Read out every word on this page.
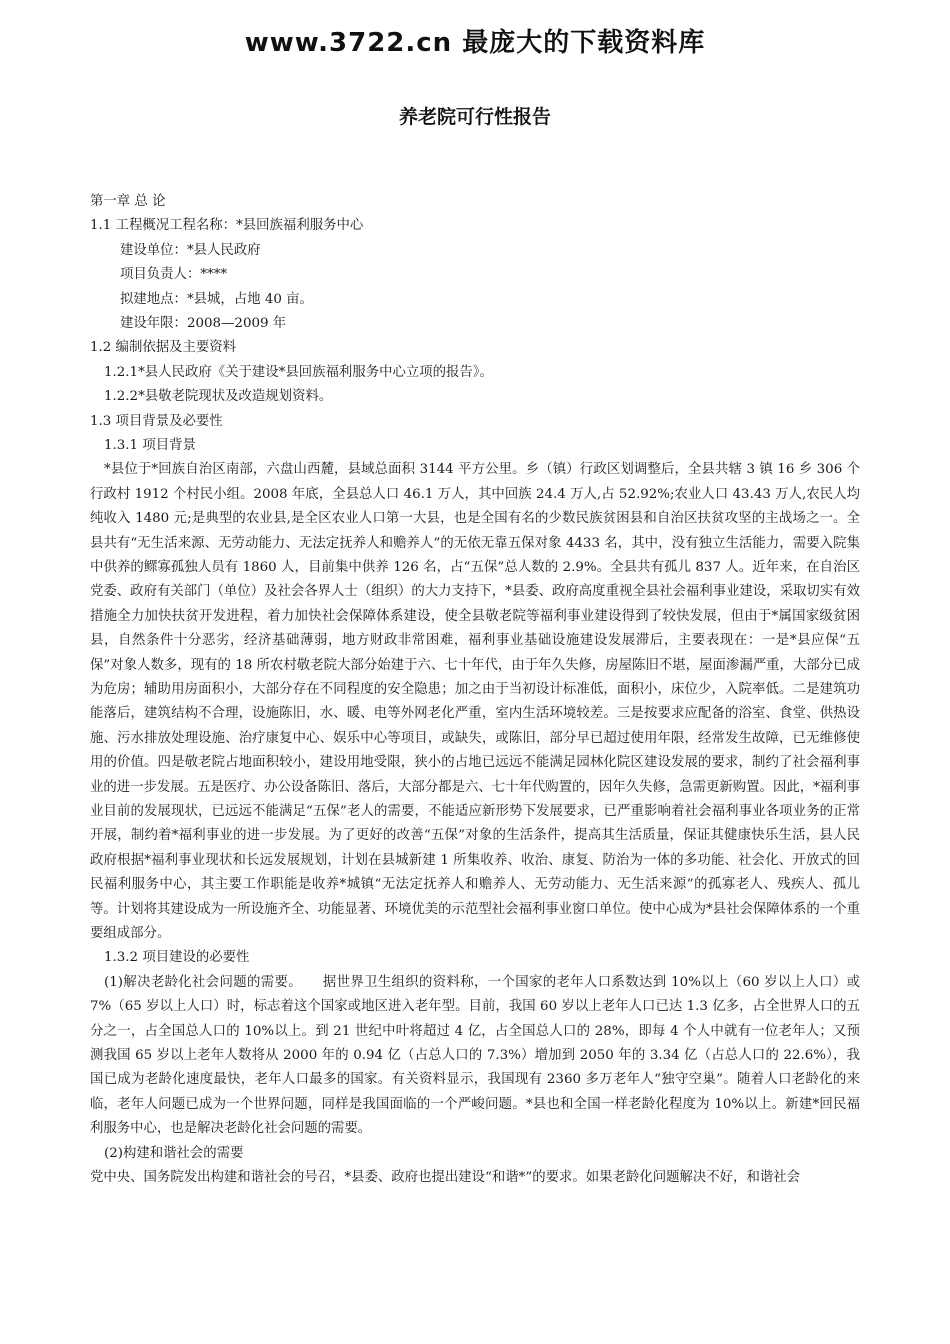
www.3722.cn 最庞大的下载资料库
养老院可行性报告
第一章 总 论
1.1 工程概况工程名称：*县回族福利服务中心
建设单位：*县人民政府
项目负责人：****
拟建地点：*县城，占地 40 亩。
建设年限：2008—2009 年
1.2 编制依据及主要资料
1.2.1*县人民政府《关于建设*县回族福利服务中心立项的报告》。
1.2.2*县敬老院现状及改造规划资料。
1.3 项目背景及必要性
1.3.1 项目背景
*县位于*回族自治区南部，六盘山西麓，县域总面积 3144 平方公里。乡（镇）行政区划调整后，全县共辖 3 镇 16 乡 306 个行政村 1912 个村民小组。2008 年底，全县总人口 46.1 万人，其中回族 24.4 万人,占 52.92%;农业人口 43.43 万人,农民人均纯收入 1480 元;是典型的农业县,是全区农业人口第一大县，也是全国有名的少数民族贫困县和自治区扶贫攻坚的主战场之一。全县共有“无生活来源、无劳动能力、无法定抚养人和赡养人”的无依无靠五保对象 4433 名，其中，没有独立生活能力，需要入院集中供养的鳏寡孤独人员有 1860 人，目前集中供养 126 名，占“五保”总人数的 2.9%。全县共有孤儿 837 人。近年来，在自治区党委、政府有关部门（单位）及社会各界人士（组织）的大力支持下，*县委、政府高度重视全县社会福利事业建设，采取切实有效措施全力加快扶贫开发进程，着力加快社会保障体系建设，使全县敬老院等福利事业建设得到了较快发展，但由于*属国家级贫困县，自然条件十分恶劣，经济基础薄弱，地方财政非常困难，福利事业基础设施建设发展滞后，主要表现在：一是*县应保“五保”对象人数多，现有的 18 所农村敬老院大部分始建于六、七十年代，由于年久失修，房屋陈旧不堪，屋面渗漏严重，大部分已成为危房；辅助用房面积小，大部分存在不同程度的安全隐患；加之由于当初设计标准低，面积小，床位少，入院率低。二是建筑功能落后，建筑结构不合理，设施陈旧，水、暖、电等外网老化严重，室内生活环境较差。三是按要求应配备的浴室、食堂、供热设施、污水排放处理设施、治疗康复中心、娱乐中心等项目，或缺失，或陈旧，部分早已超过使用年限，经常发生故障，已无维修使用的价值。四是敬老院占地面积较小，建设用地受限，狭小的占地已远远不能满足园林化院区建设发展的要求，制约了社会福利事业的进一步发展。五是医疗、办公设备陈旧、落后，大部分都是六、七十年代购置的，因年久失修，急需更新购置。因此，*福利事业目前的发展现状，已远远不能满足“五保”老人的需要，不能适应新形势下发展要求，已严重影响着社会福利事业各项业务的正常开展，制约着*福利事业的进一步发展。为了更好的改善“五保”对象的生活条件，提高其生活质量，保证其健康快乐生活，县人民政府根据*福利事业现状和长远发展规划，计划在县城新建 1 所集收养、收治、康复、防治为一体的多功能、社会化、开放式的回民福利服务中心，其主要工作职能是收养*城镇“无法定抚养人和赡养人、无劳动能力、无生活来源”的孤寡老人、残疾人、孤儿等。计划将其建设成为一所设施齐全、功能显著、环境优美的示范型社会福利事业窗口单位。使中心成为*县社会保障体系的一个重要组成部分。
1.3.2 项目建设的必要性
(1)解决老龄化社会问题的需要。　　据世界卫生组织的资料称，一个国家的老年人口系数达到 10%以上（60 岁以上人口）或 7%（65 岁以上人口）时，标志着这个国家或地区进入老年型。目前，我国 60 岁以上老年人口已达 1.3 亿多，占全世界人口的五分之一，占全国总人口的 10%以上。到 21 世纪中叶将超过 4 亿，占全国总人口的 28%，即每 4 个人中就有一位老年人；又预测我国 65 岁以上老年人数将从 2000 年的 0.94 亿（占总人口的 7.3%）增加到 2050 年的 3.34 亿（占总人口的 22.6%），我国已成为老龄化速度最快，老年人口最多的国家。有关资料显示，我国现有 2360 多万老年人“独守空巢”。随着人口老龄化的来临，老年人问题已成为一个世界问题，同样是我国面临的一个严峻问题。*县也和全国一样老龄化程度为 10%以上。新建*回民福利服务中心，也是解决老龄化社会问题的需要。
(2)构建和谐社会的需要
党中央、国务院发出构建和谐社会的号召，*县委、政府也提出建设“和谐*”的要求。如果老龄化问题解决不好，和谐社会
